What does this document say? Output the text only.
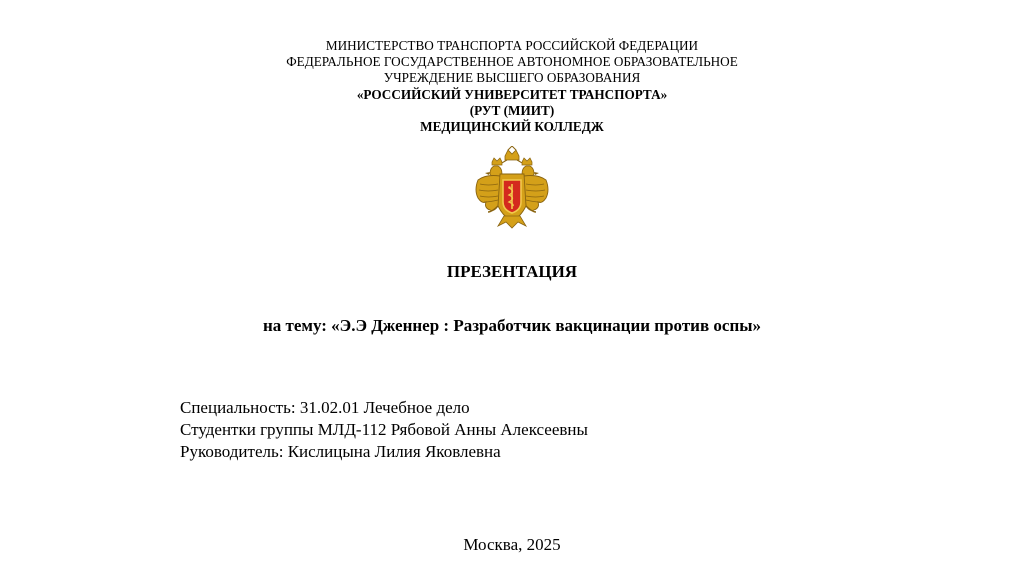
МИНИСТЕРСТВО ТРАНСПОРТА РОССИЙСКОЙ ФЕДЕРАЦИИ
ФЕДЕРАЛЬНОЕ ГОСУДАРСТВЕННОЕ АВТОНОМНОЕ ОБРАЗОВАТЕЛЬНОЕ
УЧРЕЖДЕНИЕ ВЫСШЕГО ОБРАЗОВАНИЯ
«РОССИЙСКИЙ УНИВЕРСИТЕТ ТРАНСПОРТА»
(РУТ (МИИТ)
МЕДИЦИНСКИЙ КОЛЛЕДЖ
ПРЕЗЕНТАЦИЯ
на тему: «Э.Э Дженнер : Разработчик вакцинации против оспы»
Специальность: 31.02.01 Лечебное дело
Студентки группы МЛД-112 Рябовой Анны Алексеевны
Руководитель: Кислицына Лилия Яковлевна
Москва, 2025
